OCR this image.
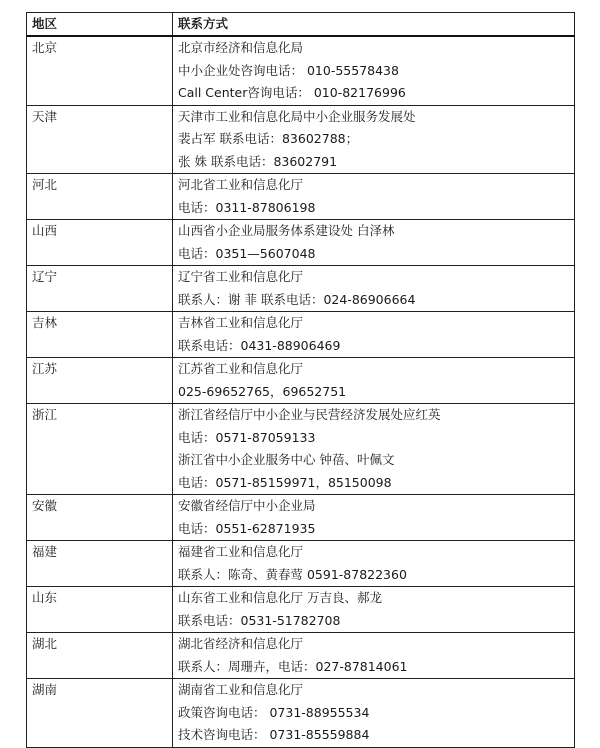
地区	联系方式
北京	北京市经济和信息化局
中小企业处咨询电话： 010-55578438
Call Center咨询电话： 010-82176996

天津	天津市工业和信息化局中小企业服务发展处
裴占军 联系电话：83602788；
张 姝 联系电话：83602791

河北	河北省工业和信息化厅
电话：0311-87806198

山西	山西省小企业局服务体系建设处 白泽林
电话：0351—5607048

辽宁	辽宁省工业和信息化厅
联系人：谢 菲 联系电话：024-86906664

吉林	吉林省工业和信息化厅
联系电话：0431-88906469

江苏	江苏省工业和信息化厅
025-69652765，69652751

浙江	浙江省经信厅中小企业与民营经济发展处应红英
电话：0571-87059133
浙江省中小企业服务中心 钟蓓、叶佩文
电话：0571-85159971，85150098

安徽	安徽省经信厅中小企业局
电话：0551-62871935

福建	福建省工业和信息化厅
联系人：陈奇、黄春莺 0591-87822360

山东	山东省工业和信息化厅 万吉良、郝龙
联系电话：0531-51782708

湖北	湖北省经济和信息化厅
联系人：周珊卉，电话：027-87814061

湖南	湖南省工业和信息化厅
政策咨询电话： 0731-88955534
技术咨询电话： 0731-85559884
